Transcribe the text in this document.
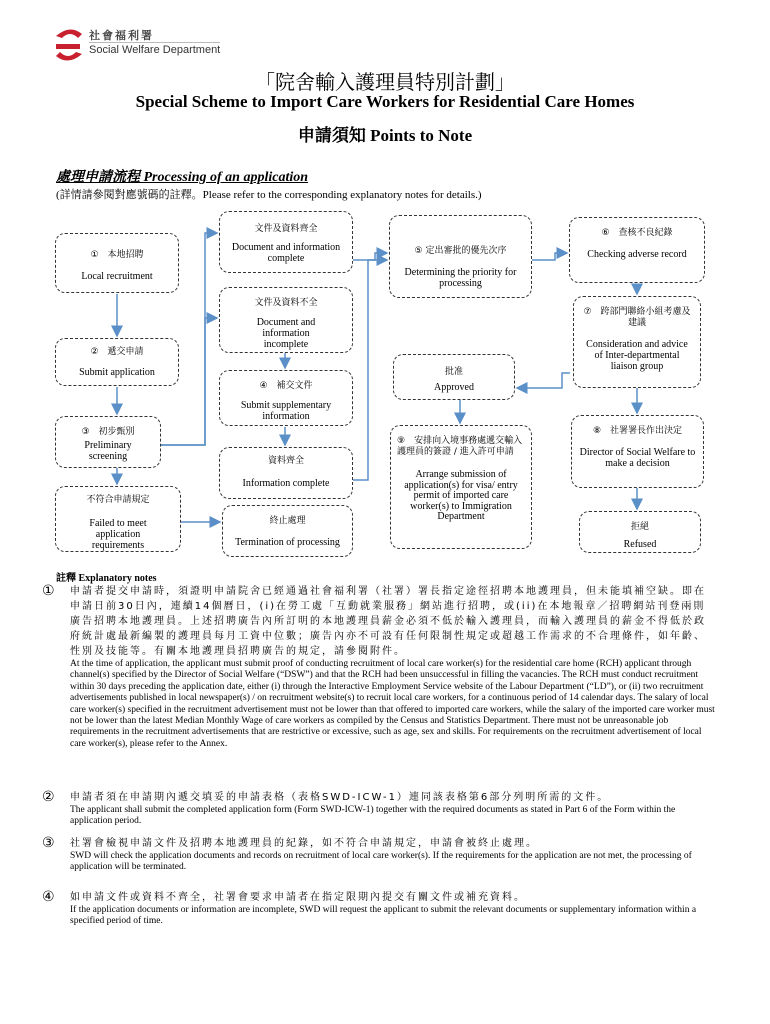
社會福利署
Social Welfare Department
「院舍輸入護理員特別計劃」
Special Scheme to Import Care Workers for Residential Care Homes
申請須知 Points to Note
處理申請流程 Processing of an application
(詳情請參閱對應號碼的註釋。Please refer to the corresponding explanatory notes for details.)
①　本地招聘
Local recruitment
②　遞交申請
Submit application
③　初步甄別
Preliminary screening
不符合申請規定
Failed to meet application requirements
文件及資料齊全
Document and information complete
文件及資料不全
Document and information incomplete
④　補交文件
Submit supplementary information
資料齊全
Information complete
終止處理
Termination of processing
⑤ 定出審批的優先次序
Determining the priority for processing
批准
Approved
⑨　安排向入境事務處遞交輸入護理員的簽證 / 進入許可申請
Arrange submission of application(s) for visa/ entry permit of imported care worker(s) to Immigration Department
⑥　查核不良紀錄
Checking adverse record
⑦　跨部門聯絡小組考慮及建議
Consideration and advice of Inter-departmental liaison group
⑧　社署署長作出決定
Director of Social Welfare to make a decision
拒絕
Refused
註釋 Explanatory notes
①	申請者提交申請時，須證明申請院舍已經通過社會福利署（社署）署長指定途徑招聘本地護理員，但未能填補空缺。即在申請日前30日內，連續14個曆日，(i)在勞工處「互動就業服務」網站進行招聘，或(ii)在本地報章／招聘網站刊登兩則廣告招聘本地護理員。上述招聘廣告內所訂明的本地護理員薪金必須不低於輸入護理員，而輸入護理員的薪金不得低於政府統計處最新編製的護理員每月工資中位數；廣告內亦不可設有任何限制性規定或超越工作需求的不合理條件，如年齡、性別及技能等。有關本地護理員招聘廣告的規定，請參閱附件。
At the time of application, the applicant must submit proof of conducting recruitment of local care worker(s) for the residential care home (RCH) applicant through channel(s) specified by the Director of Social Welfare (“DSW”) and that the RCH had been unsuccessful in filling the vacancies. The RCH must conduct recruitment within 30 days preceding the application date, either (i) through the Interactive Employment Service website of the Labour Department (“LD”), or (ii) two recruitment advertisements published in local newspaper(s) / on recruitment website(s) to recruit local care workers, for a continuous period of 14 calendar days. The salary of local care worker(s) specified in the recruitment advertisement must not be lower than that offered to imported care workers, while the salary of the imported care worker must not be lower than the latest Median Monthly Wage of care workers as compiled by the Census and Statistics Department. There must not be unreasonable job requirements in the recruitment advertisements that are restrictive or excessive, such as age, sex and skills. For requirements on the recruitment advertisement of local care worker(s), please refer to the Annex.
②	申請者須在申請期內遞交填妥的申請表格（表格SWD-ICW-1）連同該表格第6部分列明所需的文件。
The applicant shall submit the completed application form (Form SWD-ICW-1) together with the required documents as stated in Part 6 of the Form within the application period.
③	社署會檢視申請文件及招聘本地護理員的紀錄，如不符合申請規定，申請會被終止處理。
SWD will check the application documents and records on recruitment of local care worker(s). If the requirements for the application are not met, the processing of application will be terminated.
④	如申請文件或資料不齊全，社署會要求申請者在指定限期內提交有關文件或補充資料。
If the application documents or information are incomplete, SWD will request the applicant to submit the relevant documents or supplementary information within a specified period of time.
